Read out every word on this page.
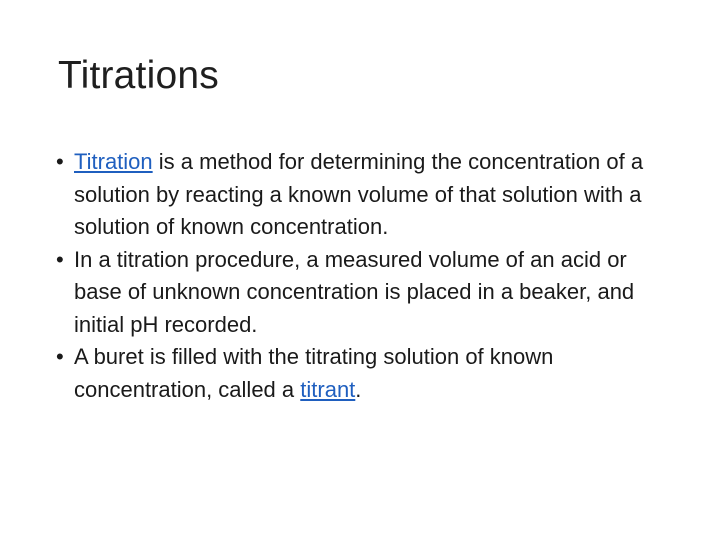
Titrations
• Titration is a method for determining the concentration of a solution by reacting a known volume of that solution with a solution of known concentration.
• In a titration procedure, a measured volume of an acid or base of unknown concentration is placed in a beaker, and initial pH recorded.
• A buret is filled with the titrating solution of known concentration, called a titrant.
